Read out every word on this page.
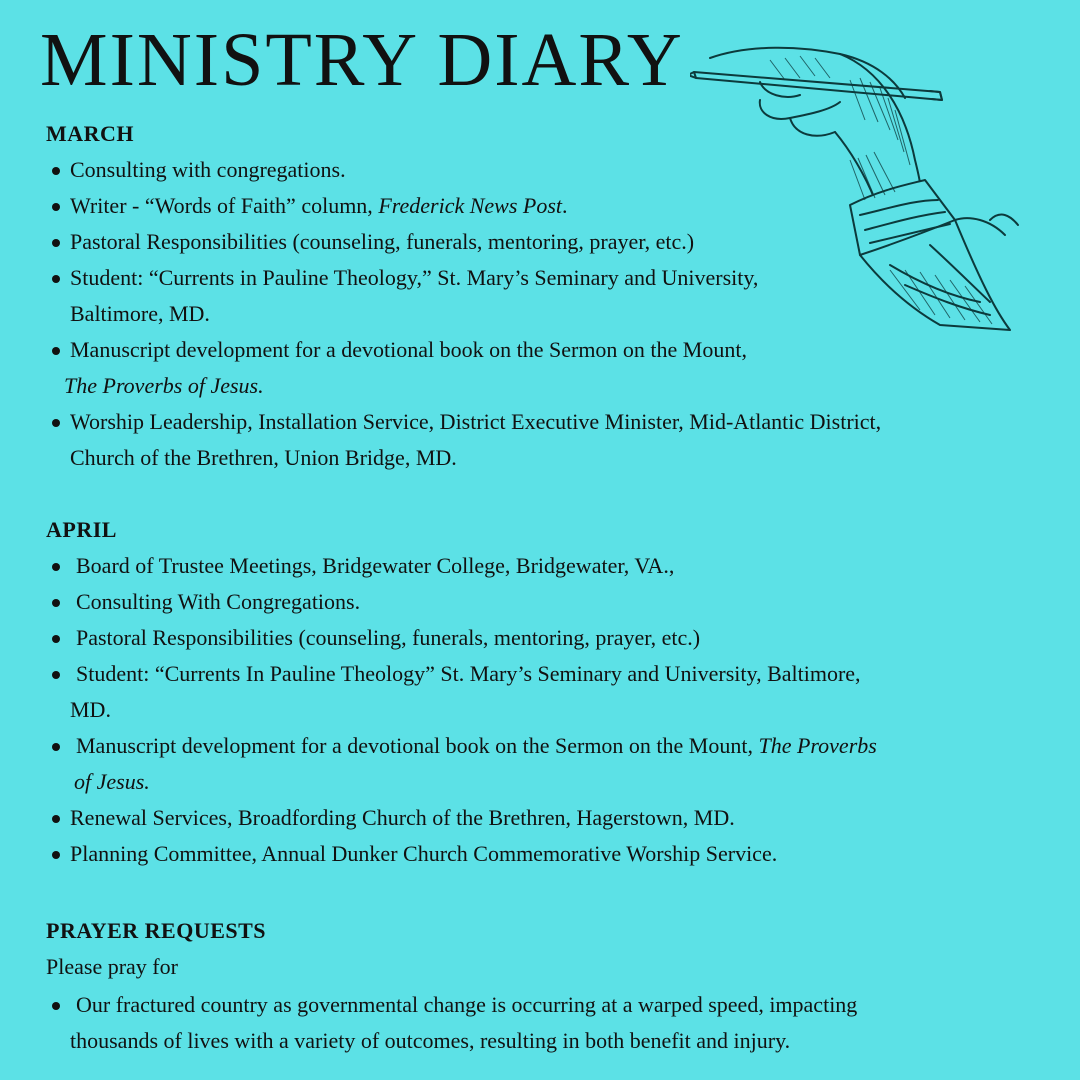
MINISTRY DIARY
MARCH
Consulting with congregations.
Writer - “Words of Faith” column, Frederick News Post.
Pastoral Responsibilities (counseling, funerals, mentoring, prayer, etc.)
Student: “Currents in Pauline Theology,” St. Mary’s Seminary and University,
Baltimore, MD.
Manuscript development for a devotional book on the Sermon on the Mount,
The Proverbs of Jesus.
Worship Leadership, Installation Service, District Executive Minister, Mid-Atlantic District,
Church of the Brethren, Union Bridge, MD.
APRIL
Board of Trustee Meetings, Bridgewater College, Bridgewater, VA.,
Consulting With Congregations.
Pastoral Responsibilities (counseling, funerals, mentoring, prayer, etc.)
Student: “Currents In Pauline Theology” St. Mary’s Seminary and University, Baltimore,
MD.
Manuscript development for a devotional book on the Sermon on the Mount, The Proverbs
of Jesus.
Renewal Services, Broadfording Church of the Brethren, Hagerstown, MD.
Planning Committee, Annual Dunker Church Commemorative Worship Service.
PRAYER REQUESTS

Please pray for

Our fractured country as governmental change is occurring at a warped speed, impacting
thousands of lives with a variety of outcomes, resulting in both benefit and injury.
